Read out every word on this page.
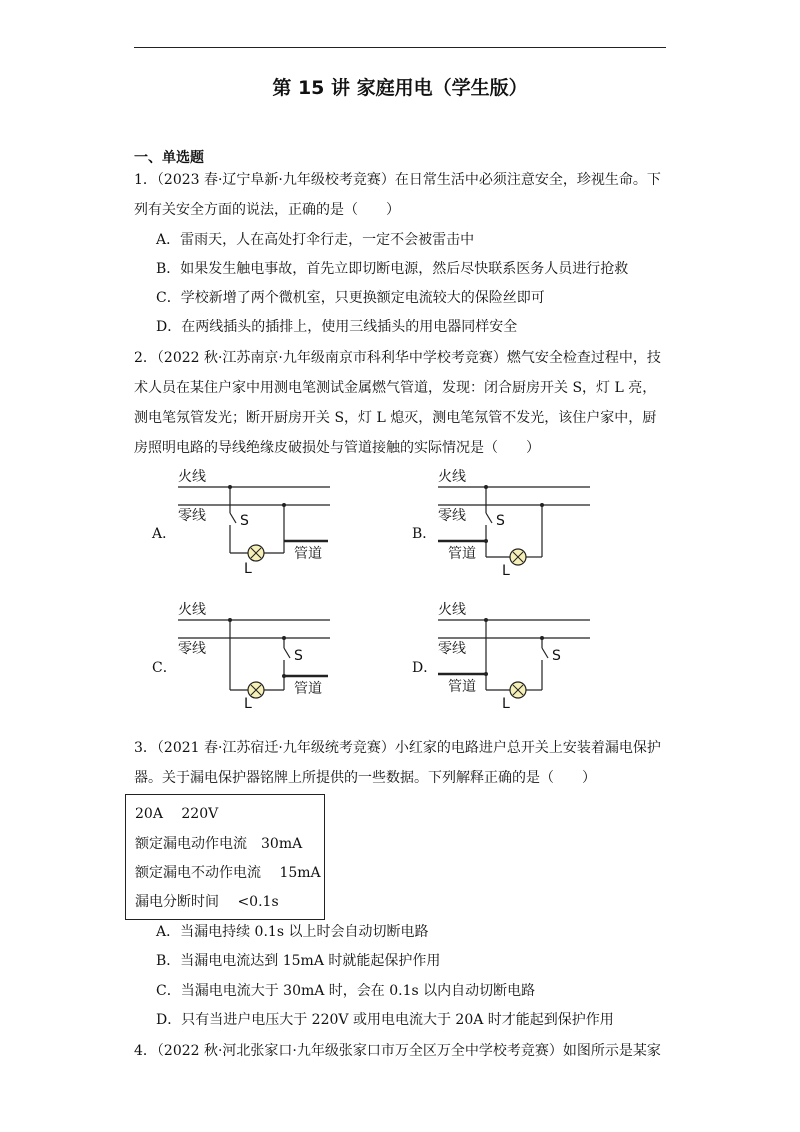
第 15 讲 家庭用电（学生版）
一、单选题
1．（2023 春·辽宁阜新·九年级校考竞赛）在日常生活中必须注意安全，珍视生命。下
列有关安全方面的说法，正确的是（　　）
A．雷雨天，人在高处打伞行走，一定不会被雷击中
B．如果发生触电事故，首先立即切断电源，然后尽快联系医务人员进行抢救
C．学校新增了两个微机室，只更换额定电流较大的保险丝即可
D．在两线插头的插排上，使用三线插头的用电器同样安全
2．（2022 秋·江苏南京·九年级南京市科利华中学校考竞赛）燃气安全检查过程中，技
术人员在某住户家中用测电笔测试金属燃气管道，发现：闭合厨房开关 S，灯 L 亮，
测电笔氖管发光；断开厨房开关 S，灯 L 熄灭，测电笔氖管不发光，该住户家中，厨
房照明电路的导线绝缘皮破损处与管道接触的实际情况是（　　）
A．
火线
零线 S
L
管道
B．
火线
零线 S
管道
L
C．
火线
零线
L
S
管道
D．
火线
零线
管道
L
S
3．（2021 春·江苏宿迁·九年级统考竞赛）小红家的电路进户总开关上安装着漏电保护
器。关于漏电保护器铭牌上所提供的一些数据。下列解释正确的是（　　）
20A　 220V
额定漏电动作电流　30mA
额定漏电不动作电流　 15mA
漏电分断时间　 <0.1s
A．当漏电持续 0.1s 以上时会自动切断电路
B．当漏电电流达到 15mA 时就能起保护作用
C．当漏电电流大于 30mA 时，会在 0.1s 以内自动切断电路
D．只有当进户电压大于 220V 或用电电流大于 20A 时才能起到保护作用
4．（2022 秋·河北张家口·九年级张家口市万全区万全中学校考竞赛）如图所示是某家
